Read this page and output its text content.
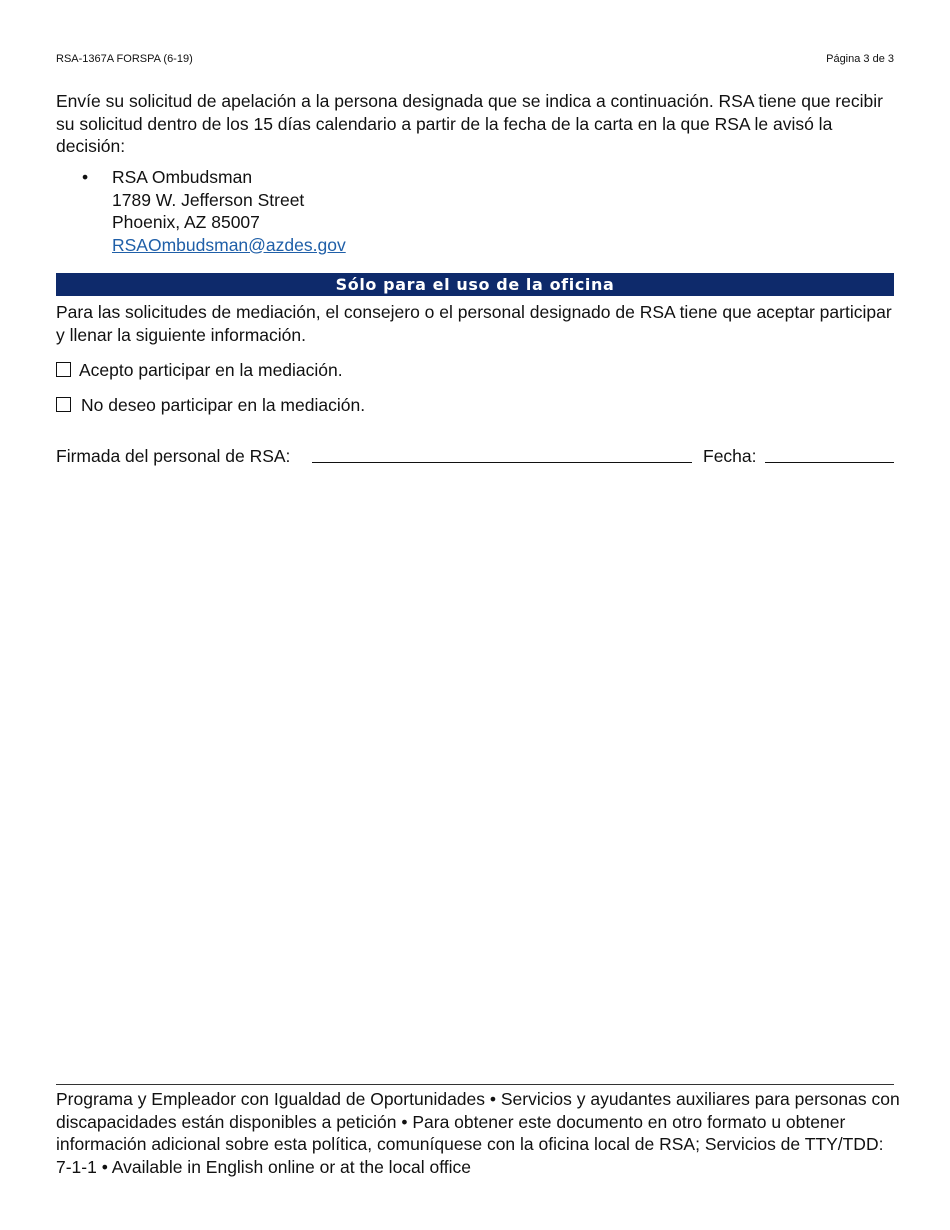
RSA-1367A FORSPA (6-19)	Página 3 de 3

Envíe su solicitud de apelación a la persona designada que se indica a continuación. RSA tiene que recibir su solicitud dentro de los 15 días calendario a partir de la fecha de la carta en la que RSA le avisó la decisión:

• RSA Ombudsman
1789 W. Jefferson Street
Phoenix, AZ 85007
RSAOmbudsman@azdes.gov
Sólo para el uso de la oficina

Para las solicitudes de mediación, el consejero o el personal designado de RSA tiene que aceptar participar y llenar la siguiente información.

Acepto participar en la mediación.
No deseo participar en la mediación.
Firmada del personal de RSA:	Fecha:

Programa y Empleador con Igualdad de Oportunidades • Servicios y ayudantes auxiliares para personas con discapacidades están disponibles a petición • Para obtener este documento en otro formato u obtener información adicional sobre esta política, comuníquese con la oficina local de RSA; Servicios de TTY/TDD: 7-1-1 • Available in English online or at the local office
